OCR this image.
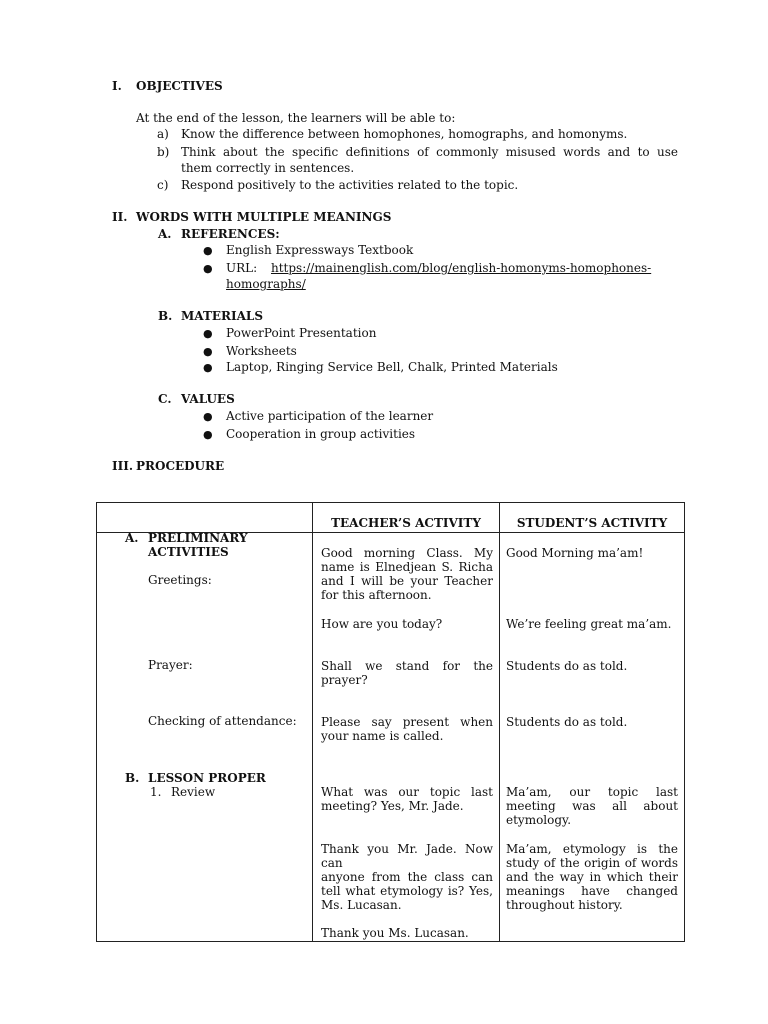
I. OBJECTIVES
At the end of the lesson, the learners will be able to:
a) Know the difference between homophones, homographs, and homonyms.
b) Think about the specific definitions of commonly misused words and to use
them correctly in sentences.
c) Respond positively to the activities related to the topic.
II. WORDS WITH MULTIPLE MEANINGS
A. REFERENCES:
● English Expressways Textbook
● URL: https://mainenglish.com/blog/english-homonyms-homophones-
homographs/
B. MATERIALS
● PowerPoint Presentation
● Worksheets
● Laptop, Ringing Service Bell, Chalk, Printed Materials
C. VALUES
● Active participation of the learner
● Cooperation in group activities
III. PROCEDURE
TEACHER’S ACTIVITY	STUDENT’S ACTIVITY
A. PRELIMINARY
ACTIVITIES
Greetings:
Prayer:
Checking of attendance:
B. LESSON PROPER
1. Review
Good morning Class. My
name is Elnedjean S. Richa
and I will be your Teacher
for this afternoon.
How are you today?
Shall we stand for the
prayer?
Please say present when
your name is called.
What was our topic last
meeting? Yes, Mr. Jade.
Thank you Mr. Jade. Now can
anyone from the class can
tell what etymology is? Yes,
Ms. Lucasan.
Thank you Ms. Lucasan.
Good Morning ma’am!
We’re feeling great ma’am.
Students do as told.
Students do as told.
Ma’am, our topic last
meeting was all about
etymology.
Ma’am, etymology is the
study of the origin of words
and the way in which their
meanings have changed
throughout history.
